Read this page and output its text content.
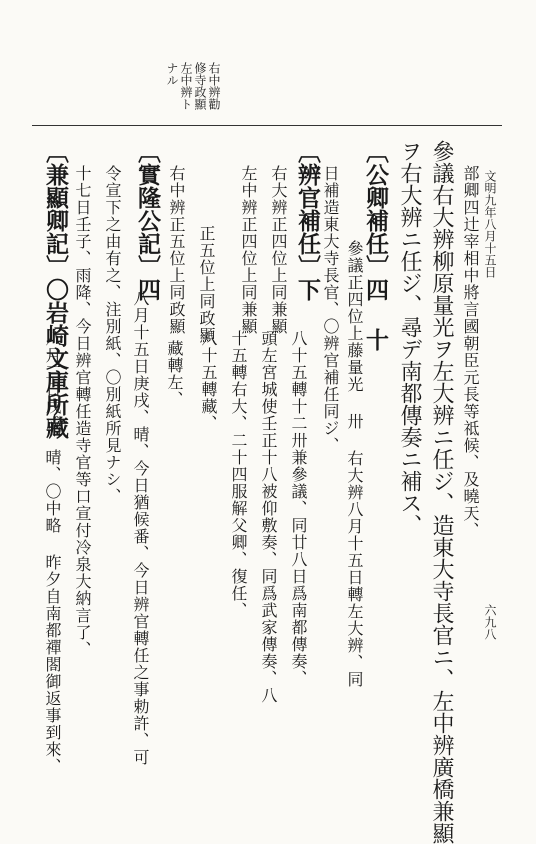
文明九年八月十五日
六九八
右中辨勸
修寺政顯
左中辨ト
ナル
部卿四辻宰相中將言國朝臣元長等祗候、及曉天、
參議右大辨柳原量光ヲ左大辨ニ任ジ、造東大寺長官ニ、左中辨廣橋兼顯
ヲ右大辨ニ任ジ、尋デ南都傳奏ニ補ス、
〔公卿補任〕四 十
參議正四位上藤量光 卅 右大辨八月十五日轉左大辨、同
日補造東大寺長官、〇辨官補任同ジ、
八十五轉十二卅兼參議、同廿八日爲南都傳奏、
〔辨官補任〕下
右大辨正四位上同兼顯
頭左宮城使壬正十八被仰敷奏、同爲武家傳奏、八
十五轉右大、二十四服解父卿、復任、
左中辨正四位上同兼顯
八十五轉藏、
正五位上同政顯
右中辨正五位上同政顯
藏轉左、
〔實隆公記〕四
八月十五日庚戌、晴、今日猶候番、今日辨官轉任之事勅許、可
令宣下之由有之、注別紙、〇別紙所見ナシ、
十七日壬子、雨降、今日辨官轉任造寺官等口宣付冷泉大納言了、
〔兼顯卿記〕〇岩崎文庫所藏
八月三日戊戌、晴、〇中略 昨夕自南都禪閤御返事到來、
